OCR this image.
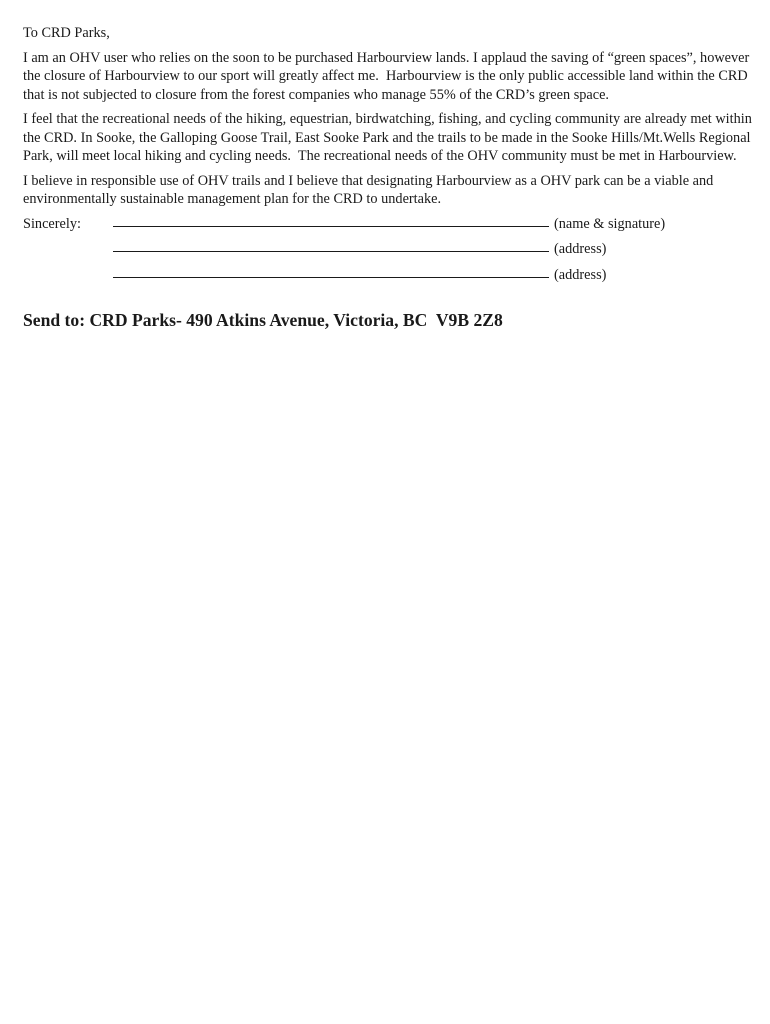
To CRD Parks,

I am an OHV user who relies on the soon to be purchased Harbourview lands. I applaud the saving of “green spaces”, however the closure of Harbourview to our sport will greatly affect me.  Harbourview is the only public accessible land within the CRD that is not subjected to closure from the forest companies who manage 55% of the CRD’s green space.

I feel that the recreational needs of the hiking, equestrian, birdwatching, fishing, and cycling community are already met within the CRD. In Sooke, the Galloping Goose Trail, East Sooke Park and the trails to be made in the Sooke Hills/Mt.Wells Regional Park, will meet local hiking and cycling needs.  The recreational needs of the OHV community must be met in Harbourview.

I believe in responsible use of OHV trails and I believe that designating Harbourview as a OHV park can be a viable and environmentally sustainable management plan for the CRD to undertake.

Sincerely:	(name & signature)
(address)
(address)
Send to: CRD Parks- 490 Atkins Avenue, Victoria, BC  V9B 2Z8
